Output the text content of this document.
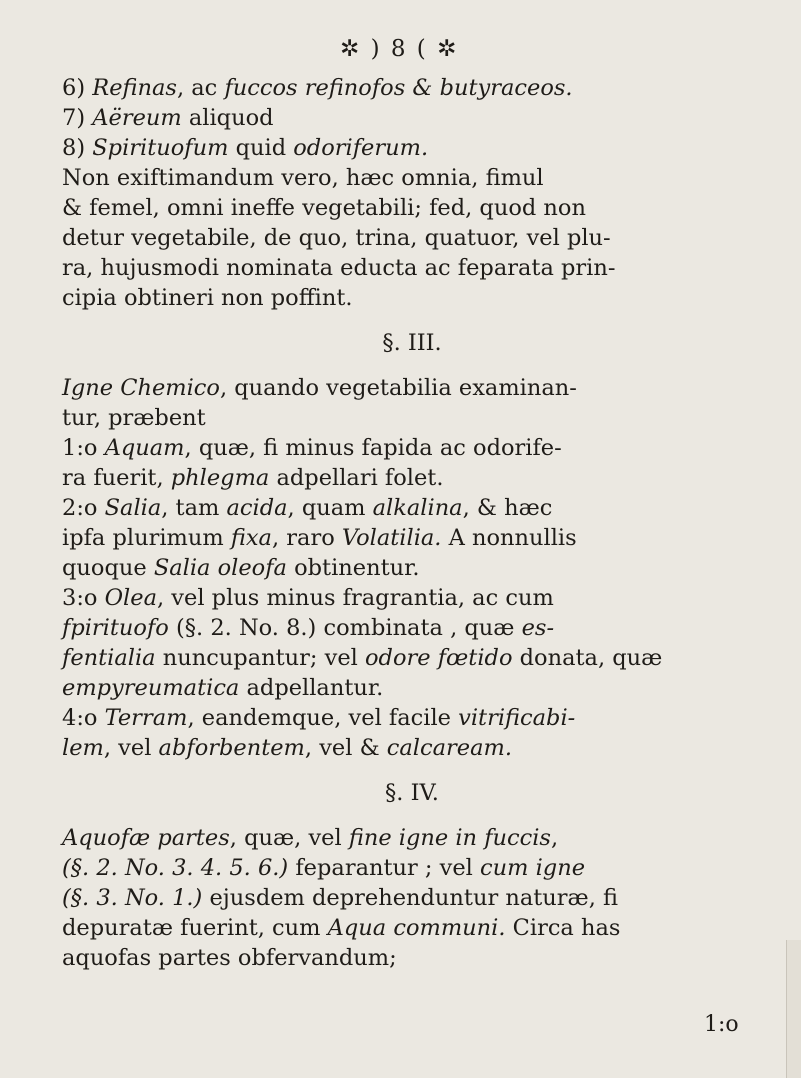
✲ ) 8 ( ✲
6) Refinas, ac fuccos refinofos & butyraceos.
7) Aëreum aliquod
8) Spirituofum quid odoriferum.
Non exiftimandum vero, hæc omnia, fimul
& femel, omni ineffe vegetabili; fed, quod non
detur vegetabile, de quo, trina, quatuor, vel plu-
ra, hujusmodi nominata educta ac feparata prin-
cipia obtineri non poffint.
§. III.
Igne Chemico, quando vegetabilia examinan-
tur, præbent
1:o Aquam, quæ, fi minus fapida ac odorife-
ra fuerit, phlegma adpellari folet.
2:o Salia, tam acida, quam alkalina, & hæc
ipfa plurimum fixa, raro Volatilia. A nonnullis
quoque Salia oleofa obtinentur.
3:o Olea, vel plus minus fragrantia, ac cum
fpirituofo (§. 2. No. 8.) combinata , quæ es-
fentialia nuncupantur; vel odore fœtido donata, quæ
empyreumatica adpellantur.
4:o Terram, eandemque, vel facile vitrificabi-
lem, vel abforbentem, vel & calcaream.
§. IV.
Aquofæ partes, quæ, vel fine igne in fuccis,
(§. 2. No. 3. 4. 5. 6.) feparantur ; vel cum igne
(§. 3. No. 1.) ejusdem deprehenduntur naturæ, fi
depuratæ fuerint, cum Aqua communi. Circa has
aquofas partes obfervandum;
1:o
